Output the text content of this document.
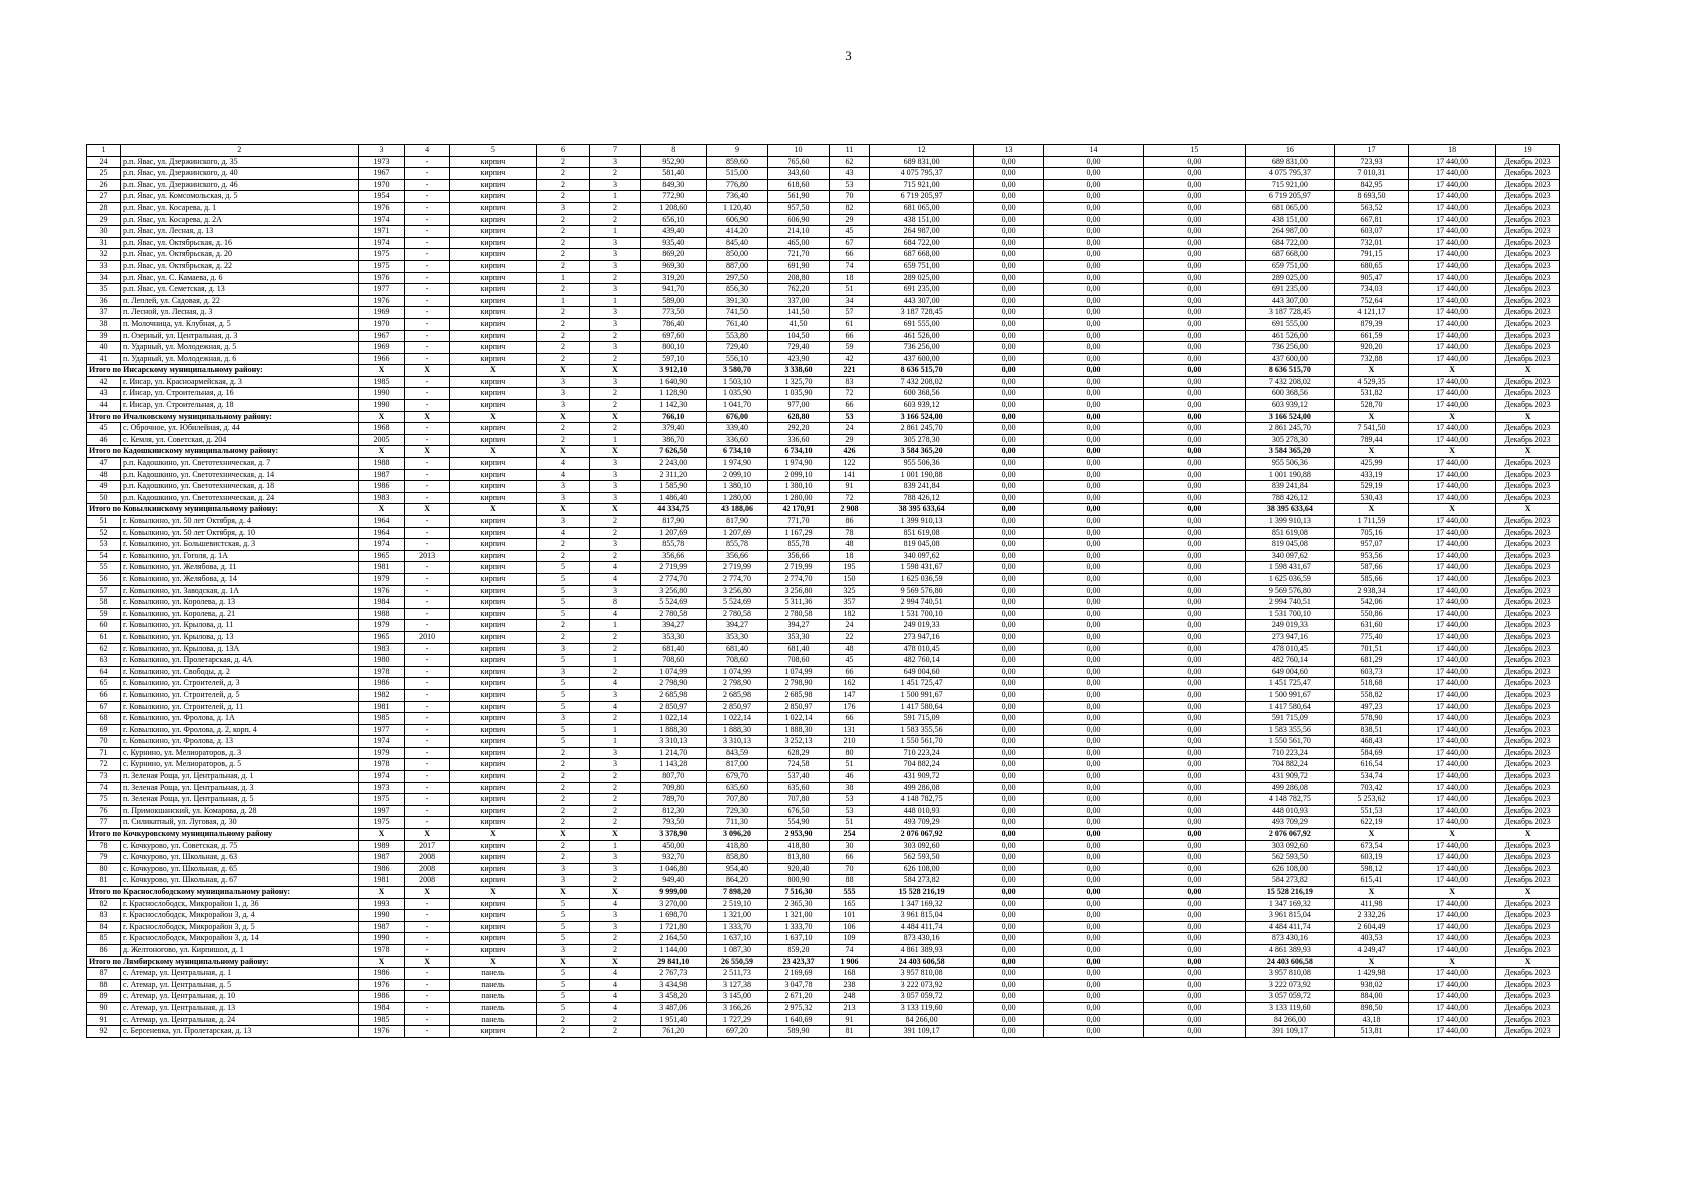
3
1	2	3	4	5	6	7	8	9	10	11	12	13	14	15	16	17	18	19
24	р.п. Явас, ул. Дзержинского, д. 35	1973	-	кирпич	2	3	952,90	859,60	765,60	62	689 831,00	0,00	0,00	0,00	689 831,00	723,93	17 440,00	Декабрь 2023
25	р.п. Явас, ул. Дзержинского, д. 40	1967	-	кирпич	2	2	581,40	515,00	343,60	43	4 075 795,37	0,00	0,00	0,00	4 075 795,37	7 010,31	17 440,00	Декабрь 2023
26	р.п. Явас, ул. Дзержинского, д. 46	1970	-	кирпич	2	3	849,30	776,80	618,60	53	715 921,00	0,00	0,00	0,00	715 921,00	842,95	17 440,00	Декабрь 2023
27	р.п. Явас, ул. Комсомольская, д. 5	1954	-	кирпич	2	1	772,90	736,40	561,90	70	6 719 205,97	0,00	0,00	0,00	6 719 205,97	8 693,50	17 440,00	Декабрь 2023
28	р.п. Явас, ул. Косарева, д. 1	1976	-	кирпич	3	2	1 208,60	1 120,40	957,50	82	681 065,00	0,00	0,00	0,00	681 065,00	563,52	17 440,00	Декабрь 2023
29	р.п. Явас, ул. Косарева, д. 2А	1974	-	кирпич	2	2	656,10	606,90	606,90	29	438 151,00	0,00	0,00	0,00	438 151,00	667,81	17 440,00	Декабрь 2023
30	р.п. Явас, ул. Лесная, д. 13	1971	-	кирпич	2	1	439,40	414,20	214,10	45	264 987,00	0,00	0,00	0,00	264 987,00	603,07	17 440,00	Декабрь 2023
31	р.п. Явас, ул. Октябрьская, д. 16	1974	-	кирпич	2	3	935,40	845,40	465,00	67	684 722,00	0,00	0,00	0,00	684 722,00	732,01	17 440,00	Декабрь 2023
32	р.п. Явас, ул. Октябрьская, д. 20	1975	-	кирпич	2	3	869,20	850,00	721,70	66	687 668,00	0,00	0,00	0,00	687 668,00	791,15	17 440,00	Декабрь 2023
33	р.п. Явас, ул. Октябрьская, д. 22	1975	-	кирпич	2	3	969,30	887,00	691,90	74	659 751,00	0,00	0,00	0,00	659 751,00	680,65	17 440,00	Декабрь 2023
34	р.п. Явас, ул. С. Камаева, д. 6	1976	-	кирпич	1	2	319,20	297,50	208,80	18	289 025,00	0,00	0,00	0,00	289 025,00	905,47	17 440,00	Декабрь 2023
35	р.п. Явас, ул. Семетская, д. 13	1977	-	кирпич	2	3	941,70	856,30	762,20	51	691 235,00	0,00	0,00	0,00	691 235,00	734,03	17 440,00	Декабрь 2023
36	п. Леплей, ул. Садовая, д. 22	1976	-	кирпич	1	1	589,00	391,30	337,00	34	443 307,00	0,00	0,00	0,00	443 307,00	752,64	17 440,00	Декабрь 2023
37	п. Лесной, ул. Лесная, д. 3	1969	-	кирпич	2	3	773,50	741,50	141,50	57	3 187 728,45	0,00	0,00	0,00	3 187 728,45	4 121,17	17 440,00	Декабрь 2023
38	п. Молочница, ул. Клубная, д. 5	1970	-	кирпич	2	3	786,40	761,40	41,50	61	691 555,00	0,00	0,00	0,00	691 555,00	879,39	17 440,00	Декабрь 2023
39	п. Озерный, ул. Центральная, д. 3	1967	-	кирпич	2	2	697,60	553,80	104,50	66	461 526,00	0,00	0,00	0,00	461 526,00	661,59	17 440,00	Декабрь 2023
40	п. Ударный, ул. Молодежная, д. 5	1969	-	кирпич	2	3	800,10	729,40	729,40	59	736 256,00	0,00	0,00	0,00	736 256,00	920,20	17 440,00	Декабрь 2023
41	п. Ударный, ул. Молодежная, д. 6	1966	-	кирпич	2	2	597,10	556,10	423,90	42	437 600,00	0,00	0,00	0,00	437 600,00	732,88	17 440,00	Декабрь 2023
Итого по Инсарскому муниципальному району:		X	X	X	X	X	3 912,10	3 580,70	3 338,60	221	8 636 515,70	0,00	0,00	0,00	8 636 515,70	X	X	X
42	г. Инсар, ул. Красноармейская, д. 3	1985	-	кирпич	3	3	1 640,90	1 503,10	1 325,70	83	7 432 208,02	0,00	0,00	0,00	7 432 208,02	4 529,35	17 440,00	Декабрь 2023
43	г. Инсар, ул. Строительная, д. 16	1990	-	кирпич	3	2	1 128,90	1 035,90	1 035,90	72	600 368,56	0,00	0,00	0,00	600 368,56	531,82	17 440,00	Декабрь 2023
44	г. Инсар, ул. Строительная, д. 18	1990	-	кирпич	3	2	1 142,30	1 041,70	977,00	66	603 939,12	0,00	0,00	0,00	603 939,12	528,70	17 440,00	Декабрь 2023
Итого по Ичалковскому муниципальному району:		X	X	X	X	X	766,10	676,00	628,80	53	3 166 524,00	0,00	0,00	0,00	3 166 524,00	X	X	X
45	с. Оброчное, ул. Юбилейная, д. 44	1968	-	кирпич	2	2	379,40	339,40	292,20	24	2 861 245,70	0,00	0,00	0,00	2 861 245,70	7 541,50	17 440,00	Декабрь 2023
46	с. Кемля, ул. Советская, д. 204	2005	-	кирпич	2	1	386,70	336,60	336,60	29	305 278,30	0,00	0,00	0,00	305 278,30	789,44	17 440,00	Декабрь 2023
Итого по Кадошкинскому муниципальному району:		X	X	X	X	X	7 626,50	6 734,10	6 734,10	426	3 584 365,20	0,00	0,00	0,00	3 584 365,20	X	X	X
47	р.п. Кадошкино, ул. Светотехническая, д. 7	1988	-	кирпич	4	3	2 243,00	1 974,90	1 974,90	122	955 506,36	0,00	0,00	0,00	955 506,36	425,99	17 440,00	Декабрь 2023
48	р.п. Кадошкино, ул. Светотехническая, д. 14	1987	-	кирпич	4	3	2 311,20	2 099,10	2 099,10	141	1 001 190,88	0,00	0,00	0,00	1 001 190,88	433,19	17 440,00	Декабрь 2023
49	р.п. Кадошкино, ул. Светотехническая, д. 18	1986	-	кирпич	3	3	1 585,90	1 380,10	1 380,10	91	839 241,84	0,00	0,00	0,00	839 241,84	529,19	17 440,00	Декабрь 2023
50	р.п. Кадошкино, ул. Светотехническая, д. 24	1983	-	кирпич	3	3	1 486,40	1 280,00	1 280,00	72	788 426,12	0,00	0,00	0,00	788 426,12	530,43	17 440,00	Декабрь 2023
Итого по Ковылкинскому муниципальному району:		X	X	X	X	X	44 334,75	43 188,06	42 170,91	2 908	38 395 633,64	0,00	0,00	0,00	38 395 633,64	X	X	X
51	г. Ковылкино, ул. 50 лет Октября, д. 4	1964	-	кирпич	3	2	817,90	817,90	771,70	86	1 399 910,13	0,00	0,00	0,00	1 399 910,13	1 711,59	17 440,00	Декабрь 2023
52	г. Ковылкино, ул. 50 лет Октября, д. 10	1964	-	кирпич	4	2	1 207,69	1 207,69	1 167,29	78	851 619,08	0,00	0,00	0,00	851 619,08	705,16	17 440,00	Декабрь 2023
53	г. Ковылкино, ул. Большевистская, д. 3	1974	-	кирпич	2	3	855,78	855,78	855,78	48	819 045,08	0,00	0,00	0,00	819 045,08	957,07	17 440,00	Декабрь 2023
54	г. Ковылкино, ул. Гоголя, д. 1А	1965	2013	кирпич	2	2	356,66	356,66	356,66	18	340 097,62	0,00	0,00	0,00	340 097,62	953,56	17 440,00	Декабрь 2023
55	г. Ковылкино, ул. Желябова, д. 11	1981	-	кирпич	5	4	2 719,99	2 719,99	2 719,99	195	1 598 431,67	0,00	0,00	0,00	1 598 431,67	587,66	17 440,00	Декабрь 2023
56	г. Ковылкино, ул. Желябова, д. 14	1979	-	кирпич	5	4	2 774,70	2 774,70	2 774,70	150	1 625 036,59	0,00	0,00	0,00	1 625 036,59	585,66	17 440,00	Декабрь 2023
57	г. Ковылкино, ул. Заводская, д. 1А	1976	-	кирпич	5	3	3 256,80	3 256,80	3 256,80	325	9 569 576,80	0,00	0,00	0,00	9 569 576,80	2 938,34	17 440,00	Декабрь 2023
58	г. Ковылкино, ул. Королева, д. 13	1984	-	кирпич	5	8	5 524,69	5 524,69	5 311,36	357	2 994 740,51	0,00	0,00	0,00	2 994 740,51	542,06	17 440,00	Декабрь 2023
59	г. Ковылкино, ул. Королева, д. 21	1988	-	кирпич	5	4	2 780,58	2 780,58	2 780,58	182	1 531 700,10	0,00	0,00	0,00	1 531 700,10	550,86	17 440,00	Декабрь 2023
60	г. Ковылкино, ул. Крылова, д. 11	1979	-	кирпич	2	1	394,27	394,27	394,27	24	249 019,33	0,00	0,00	0,00	249 019,33	631,60	17 440,00	Декабрь 2023
61	г. Ковылкино, ул. Крылова, д. 13	1965	2010	кирпич	2	2	353,30	353,30	353,30	22	273 947,16	0,00	0,00	0,00	273 947,16	775,40	17 440,00	Декабрь 2023
62	г. Ковылкино, ул. Крылова, д. 13А	1983	-	кирпич	3	2	681,40	681,40	681,40	48	478 010,45	0,00	0,00	0,00	478 010,45	701,51	17 440,00	Декабрь 2023
63	г. Ковылкино, ул. Пролетарская, д. 4А	1980	-	кирпич	5	1	708,60	708,60	708,60	45	482 760,14	0,00	0,00	0,00	482 760,14	681,29	17 440,00	Декабрь 2023
64	г. Ковылкино, ул. Свободы, д. 2	1978	-	кирпич	3	2	1 074,99	1 074,99	1 074,99	66	649 004,60	0,00	0,00	0,00	649 004,60	603,73	17 440,00	Декабрь 2023
65	г. Ковылкино, ул. Строителей, д. 3	1986	-	кирпич	5	4	2 798,90	2 798,90	2 798,90	162	1 451 725,47	0,00	0,00	0,00	1 451 725,47	518,68	17 440,00	Декабрь 2023
66	г. Ковылкино, ул. Строителей, д. 5	1982	-	кирпич	5	3	2 685,98	2 685,98	2 685,98	147	1 500 991,67	0,00	0,00	0,00	1 500 991,67	558,82	17 440,00	Декабрь 2023
67	г. Ковылкино, ул. Строителей, д. 11	1981	-	кирпич	5	4	2 850,97	2 850,97	2 850,97	176	1 417 580,64	0,00	0,00	0,00	1 417 580,64	497,23	17 440,00	Декабрь 2023
68	г. Ковылкино, ул. Фролова, д. 1А	1985	-	кирпич	3	2	1 022,14	1 022,14	1 022,14	66	591 715,09	0,00	0,00	0,00	591 715,09	578,90	17 440,00	Декабрь 2023
69	г. Ковылкино, ул. Фролова, д. 2, корп. 4	1977	-	кирпич	5	1	1 888,30	1 888,30	1 888,30	131	1 583 355,56	0,00	0,00	0,00	1 583 355,56	838,51	17 440,00	Декабрь 2023
70	г. Ковылкино, ул. Фролова, д. 13	1974	-	кирпич	5	1	3 310,13	3 310,13	3 252,13	210	1 550 561,70	0,00	0,00	0,00	1 550 561,70	468,43	17 440,00	Декабрь 2023
71	с. Курнино, ул. Мелиораторов, д. 3	1979	-	кирпич	2	3	1 214,70	843,59	628,29	80	710 223,24	0,00	0,00	0,00	710 223,24	584,69	17 440,00	Декабрь 2023
72	с. Курнино, ул. Мелиораторов, д. 5	1978	-	кирпич	2	3	1 143,28	817,00	724,58	51	704 882,24	0,00	0,00	0,00	704 882,24	616,54	17 440,00	Декабрь 2023
73	п. Зеленая Роща, ул. Центральная, д. 1	1974	-	кирпич	2	2	807,70	679,70	537,40	46	431 909,72	0,00	0,00	0,00	431 909,72	534,74	17 440,00	Декабрь 2023
74	п. Зеленая Роща, ул. Центральная, д. 3	1973	-	кирпич	2	2	709,80	635,60	635,60	38	499 286,08	0,00	0,00	0,00	499 286,08	703,42	17 440,00	Декабрь 2023
75	п. Зеленая Роща, ул. Центральная, д. 5	1975	-	кирпич	2	2	789,70	707,80	707,80	53	4 148 782,75	0,00	0,00	0,00	4 148 782,75	5 253,62	17 440,00	Декабрь 2023
76	п. Примокшанский, ул. Комарова, д. 28	1997	-	кирпич	2	2	812,30	729,30	676,50	53	448 010,93	0,00	0,00	0,00	448 010,93	551,53	17 440,00	Декабрь 2023
77	п. Силикатный, ул. Луговая, д. 30	1975	-	кирпич	2	2	793,50	711,30	554,90	51	493 709,29	0,00	0,00	0,00	493 709,29	622,19	17 440,00	Декабрь 2023
Итого по Кочкуровскому муниципальному району		X	X	X	X	X	3 378,90	3 096,20	2 953,90	254	2 076 067,92	0,00	0,00	0,00	2 076 067,92	X	X	X
78	с. Кочкурово, ул. Советская, д. 75	1989	2017	кирпич	2	1	450,00	418,80	418,80	30	303 092,60	0,00	0,00	0,00	303 092,60	673,54	17 440,00	Декабрь 2023
79	с. Кочкурово, ул. Школьная, д. 63	1987	2008	кирпич	2	3	932,70	858,80	813,80	66	562 593,50	0,00	0,00	0,00	562 593,50	603,19	17 440,00	Декабрь 2023
80	с. Кочкурово, ул. Школьная, д. 65	1986	2008	кирпич	3	3	1 046,80	954,40	920,40	70	626 108,00	0,00	0,00	0,00	626 108,00	598,12	17 440,00	Декабрь 2023
81	с. Кочкурово, ул. Школьная, д. 67	1981	2008	кирпич	3	2	949,40	864,20	800,90	88	584 273,82	0,00	0,00	0,00	584 273,82	615,41	17 440,00	Декабрь 2023
Итого по Краснослободскому муниципальному району:		X	X	X	X	X	9 999,00	7 898,20	7 516,30	555	15 528 216,19	0,00	0,00	0,00	15 528 216,19	X	X	X
82	г. Краснослободск, Микрорайон 1, д. 36	1993	-	кирпич	5	4	3 270,00	2 519,10	2 365,30	165	1 347 169,32	0,00	0,00	0,00	1 347 169,32	411,98	17 440,00	Декабрь 2023
83	г. Краснослободск, Микрорайон 3, д. 4	1990	-	кирпич	5	3	1 698,70	1 321,00	1 321,00	101	3 961 815,04	0,00	0,00	0,00	3 961 815,04	2 332,26	17 440,00	Декабрь 2023
84	г. Краснослободск, Микрорайон 3, д. 5	1987	-	кирпич	5	3	1 721,80	1 333,70	1 333,70	106	4 484 411,74	0,00	0,00	0,00	4 484 411,74	2 604,49	17 440,00	Декабрь 2023
85	г. Краснослободск, Микрорайон 3, д. 14	1990	-	кирпич	5	2	2 164,50	1 637,10	1 637,10	109	873 430,16	0,00	0,00	0,00	873 430,16	403,53	17 440,00	Декабрь 2023
86	д. Желтоногово, ул. Кирпишол, д. 1	1978	-	кирпич	3	2	1 144,00	1 087,30	859,20	74	4 861 389,93	0,00	0,00	0,00	4 861 389,93	4 249,47	17 440,00	Декабрь 2023
Итого по Лямбирскому муниципальному району:		X	X	X	X	X	29 841,10	26 550,59	23 423,37	1 906	24 403 606,58	0,00	0,00	0,00	24 403 606,58	X	X	X
87	с. Атемар, ул. Центральная, д. 1	1986	-	панель	5	4	2 767,73	2 511,73	2 169,69	168	3 957 810,08	0,00	0,00	0,00	3 957 810,08	1 429,98	17 440,00	Декабрь 2023
88	с. Атемар, ул. Центральная, д. 5	1976	-	панель	5	4	3 434,98	3 127,38	3 047,78	238	3 222 073,92	0,00	0,00	0,00	3 222 073,92	938,02	17 440,00	Декабрь 2023
89	с. Атемар, ул. Центральная, д. 10	1986	-	панель	5	4	3 458,20	3 145,00	2 671,20	248	3 057 059,72	0,00	0,00	0,00	3 057 059,72	884,00	17 440,00	Декабрь 2023
90	с. Атемар, ул. Центральная, д. 13	1984	-	панель	5	4	3 487,06	3 166,26	2 975,32	213	3 133 119,60	0,00	0,00	0,00	3 133 119,60	898,50	17 440,00	Декабрь 2023
91	с. Атемар, ул. Центральная, д. 24	1985	-	панель	2	2	1 951,40	1 727,29	1 640,69	91	84 266,00	0,00	0,00	0,00	84 266,00	43,18	17 440,00	Декабрь 2023
92	с. Берсеневка, ул. Пролетарская, д. 13	1976	-	кирпич	2	2	761,20	697,20	589,90	81	391 109,17	0,00	0,00	0,00	391 109,17	513,81	17 440,00	Декабрь 2023
